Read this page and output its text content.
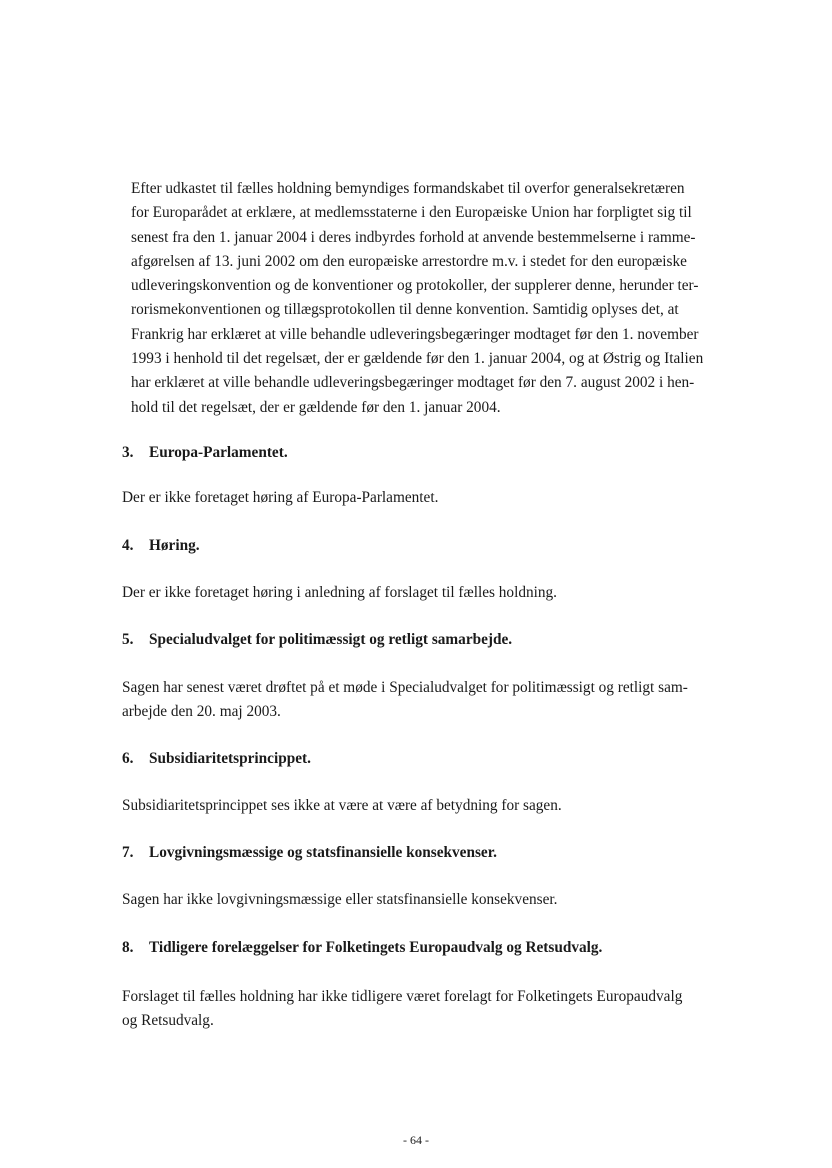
Efter udkastet til fælles holdning bemyndiges formandskabet til overfor generalsekretæren
for Europarådet at erklære, at medlemsstaterne i den Europæiske Union har forpligtet sig til
senest fra den 1. januar 2004 i deres indbyrdes forhold at anvende bestemmelserne i ramme-
afgørelsen af 13. juni 2002 om den europæiske arrestordre m.v. i stedet for den europæiske
udleveringskonvention og de konventioner og protokoller, der supplerer denne, herunder ter-
rorismekonventionen og tillægsprotokollen til denne konvention. Samtidig oplyses det, at
Frankrig har erklæret at ville behandle udleveringsbegæringer modtaget før den 1. november
1993 i henhold til det regelsæt, der er gældende før den 1. januar 2004, og at Østrig og Italien
har erklæret at ville behandle udleveringsbegæringer modtaget før den 7. august 2002 i hen-
hold til det regelsæt, der er gældende før den 1. januar 2004.

3. Europa-Parlamentet.

Der er ikke foretaget høring af Europa-Parlamentet.

4. Høring.

Der er ikke foretaget høring i anledning af forslaget til fælles holdning.

5. Specialudvalget for politimæssigt og retligt samarbejde.

Sagen har senest været drøftet på et møde i Specialudvalget for politimæssigt og retligt sam-
arbejde den 20. maj 2003.

6. Subsidiaritetsprincippet.

Subsidiaritetsprincippet ses ikke at være at være af betydning for sagen.

7. Lovgivningsmæssige og statsfinansielle konsekvenser.

Sagen har ikke lovgivningsmæssige eller statsfinansielle konsekvenser.

8. Tidligere forelæggelser for Folketingets Europaudvalg og Retsudvalg.

Forslaget til fælles holdning har ikke tidligere været forelagt for Folketingets Europaudvalg
og Retsudvalg.

- 64 -
